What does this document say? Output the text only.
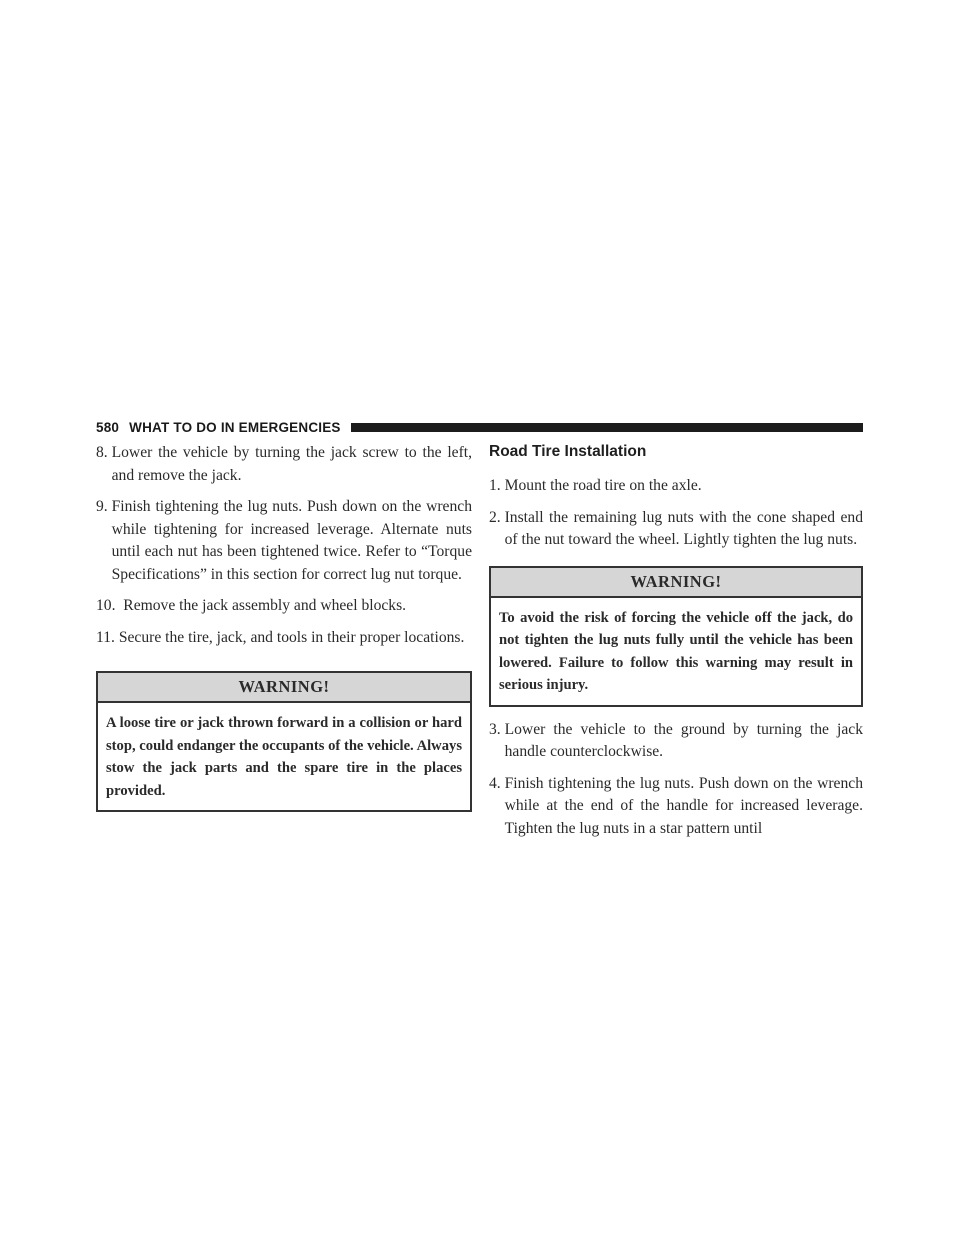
580 WHAT TO DO IN EMERGENCIES
8.
Lower the vehicle by turning the jack screw to the left, and remove the jack.
9.
Finish tightening the lug nuts. Push down on the wrench while tightening for increased leverage. Alternate nuts until each nut has been tightened twice. Refer to “Torque Specifications” in this section for correct lug nut torque.
10.
Remove the jack assembly and wheel blocks.
11.
Secure the tire, jack, and tools in their proper locations.
WARNING!
A loose tire or jack thrown forward in a collision or hard stop, could endanger the occupants of the vehicle. Always stow the jack parts and the spare tire in the places provided.
Road Tire Installation
1.
Mount the road tire on the axle.
2.
Install the remaining lug nuts with the cone shaped end of the nut toward the wheel. Lightly tighten the lug nuts.
WARNING!
To avoid the risk of forcing the vehicle off the jack, do not tighten the lug nuts fully until the vehicle has been lowered. Failure to follow this warning may result in serious injury.
3.
Lower the vehicle to the ground by turning the jack handle counterclockwise.
4.
Finish tightening the lug nuts. Push down on the wrench while at the end of the handle for increased leverage. Tighten the lug nuts in a star pattern until
